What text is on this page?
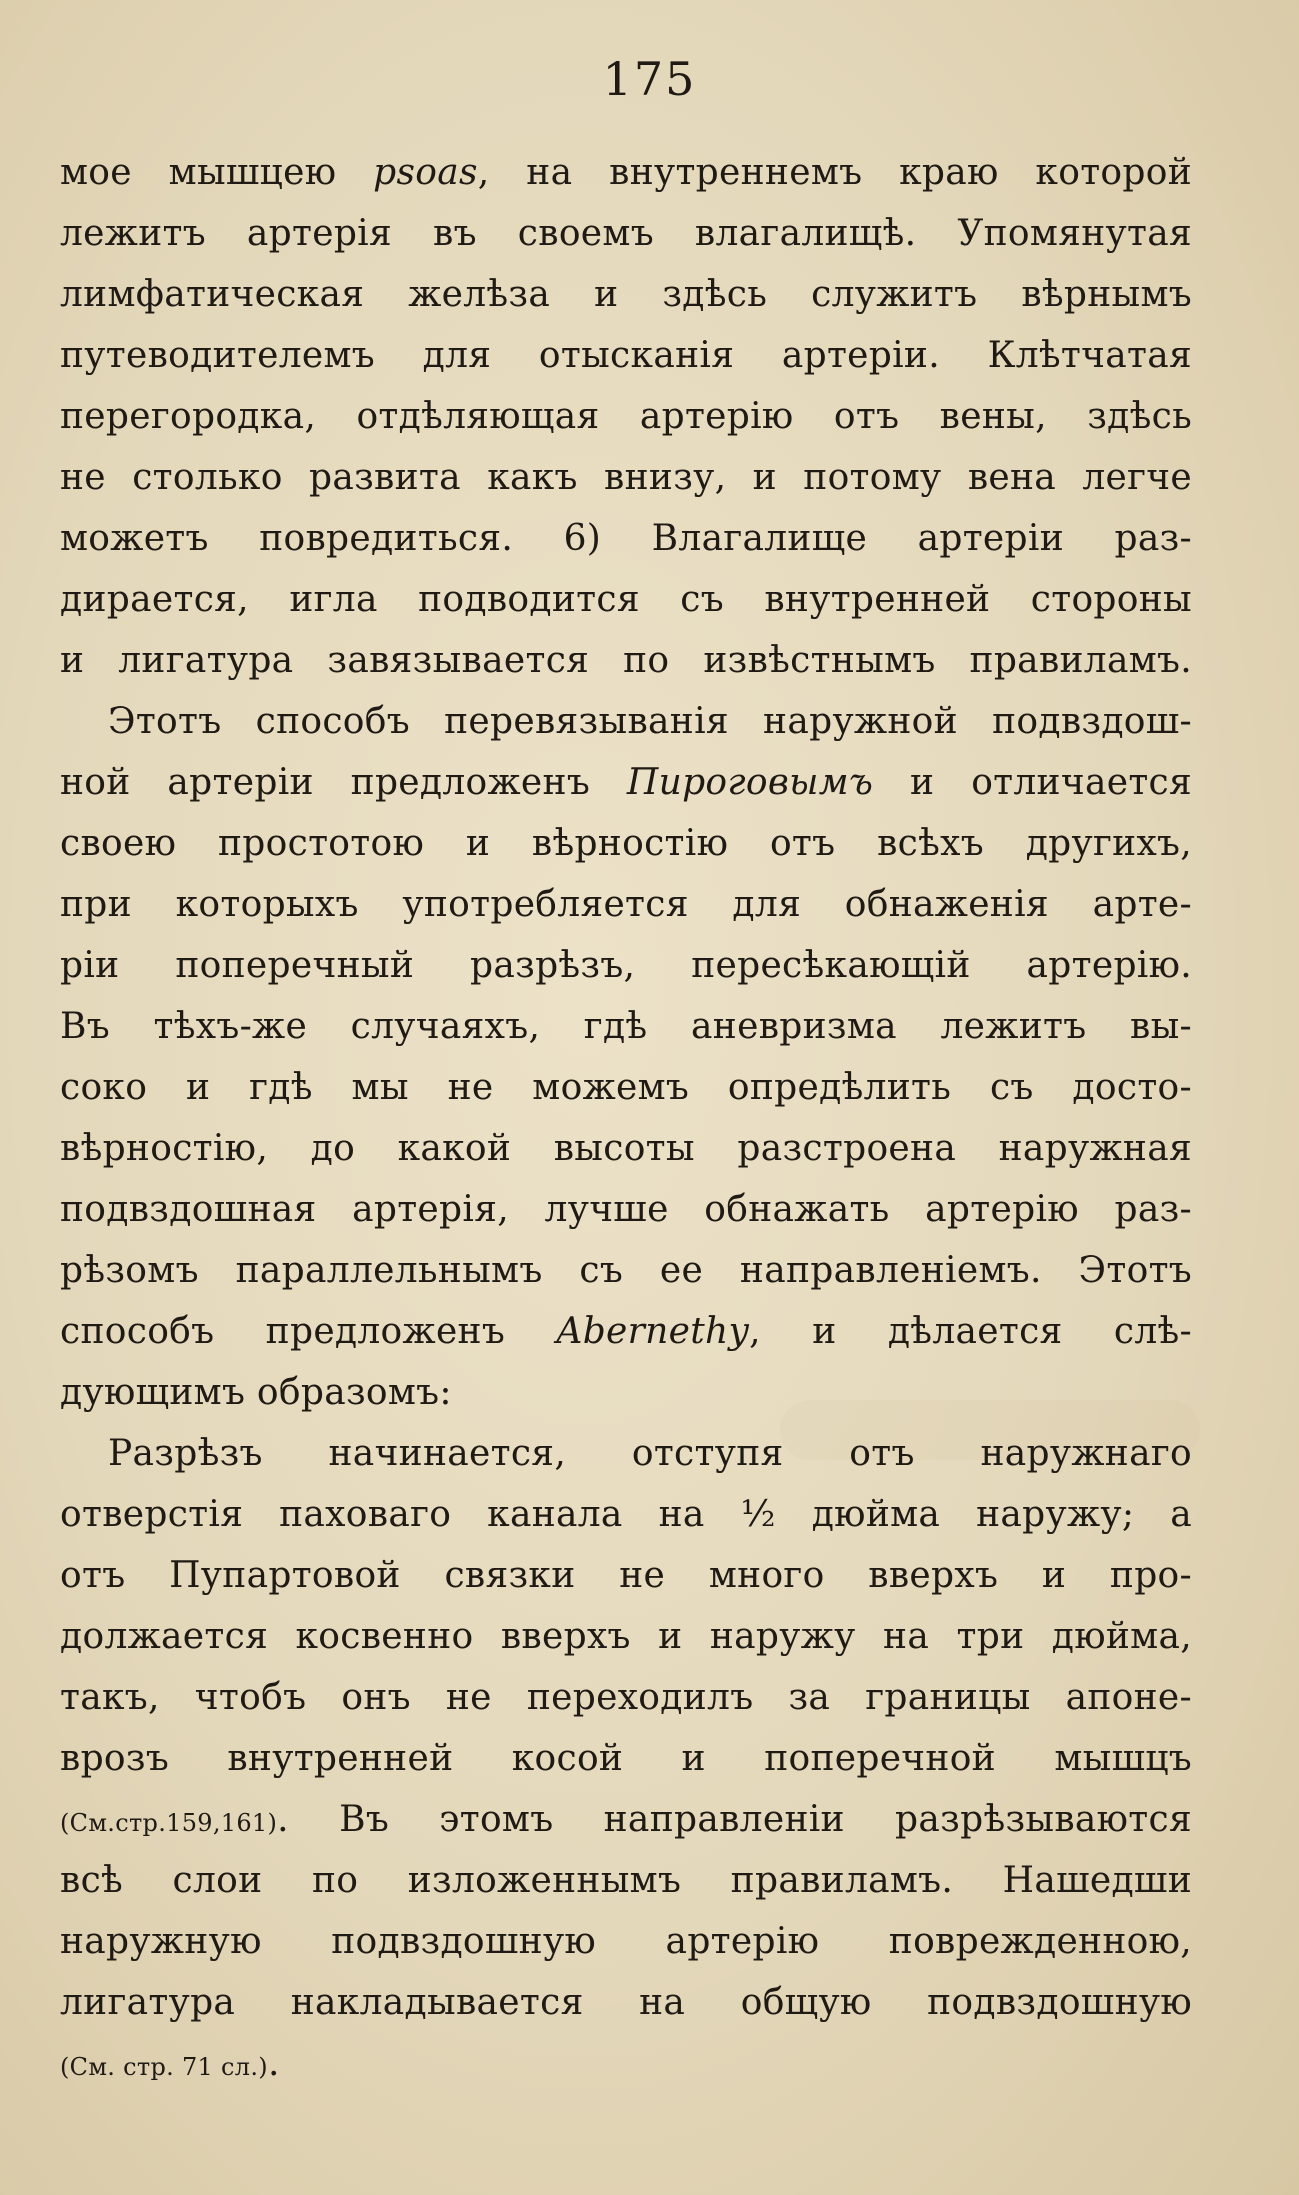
175
мое мышцею psoas, на внутреннемъ краю которой
лежитъ артерія въ своемъ влагалищѣ. Упомянутая
лимфатическая желѣза и здѣсь служитъ вѣрнымъ
путеводителемъ для отысканія артеріи. Клѣтчатая
перегородка, отдѣляющая артерію отъ вены, здѣсь
не столько развита какъ внизу, и потому вена легче
можетъ повредиться. 6) Влагалище артеріи раз-
дирается, игла подводится съ внутренней стороны
и лигатура завязывается по извѣстнымъ правиламъ.
Этотъ способъ перевязыванія наружной подвздош-
ной артеріи предложенъ Пироговымъ и отличается
своею простотою и вѣрностію отъ всѣхъ другихъ,
при которыхъ употребляется для обнаженія арте-
ріи поперечный разрѣзъ, пересѣкающій артерію.
Въ тѣхъ-же случаяхъ, гдѣ аневризма лежитъ вы-
соко и гдѣ мы не можемъ опредѣлить съ досто-
вѣрностію, до какой высоты разстроена наружная
подвздошная артерія, лучше обнажать артерію раз-
рѣзомъ параллельнымъ съ ее направленіемъ. Этотъ
способъ предложенъ Abernethy, и дѣлается слѣ-
дующимъ образомъ:
Разрѣзъ начинается, отступя отъ наружнаго
отверстія паховаго канала на ½ дюйма наружу; а
отъ Пупартовой связки не много вверхъ и про-
должается косвенно вверхъ и наружу на три дюйма,
такъ, чтобъ онъ не переходилъ за границы апоне-
врозъ внутренней косой и поперечной мышцъ
(См.стр.159,161). Въ этомъ направленіи разрѣзываются
всѣ слои по изложеннымъ правиламъ. Нашедши
наружную подвздошную артерію поврежденною,
лигатура накладывается на общую подвздошную
(См. стр. 71 сл.).
